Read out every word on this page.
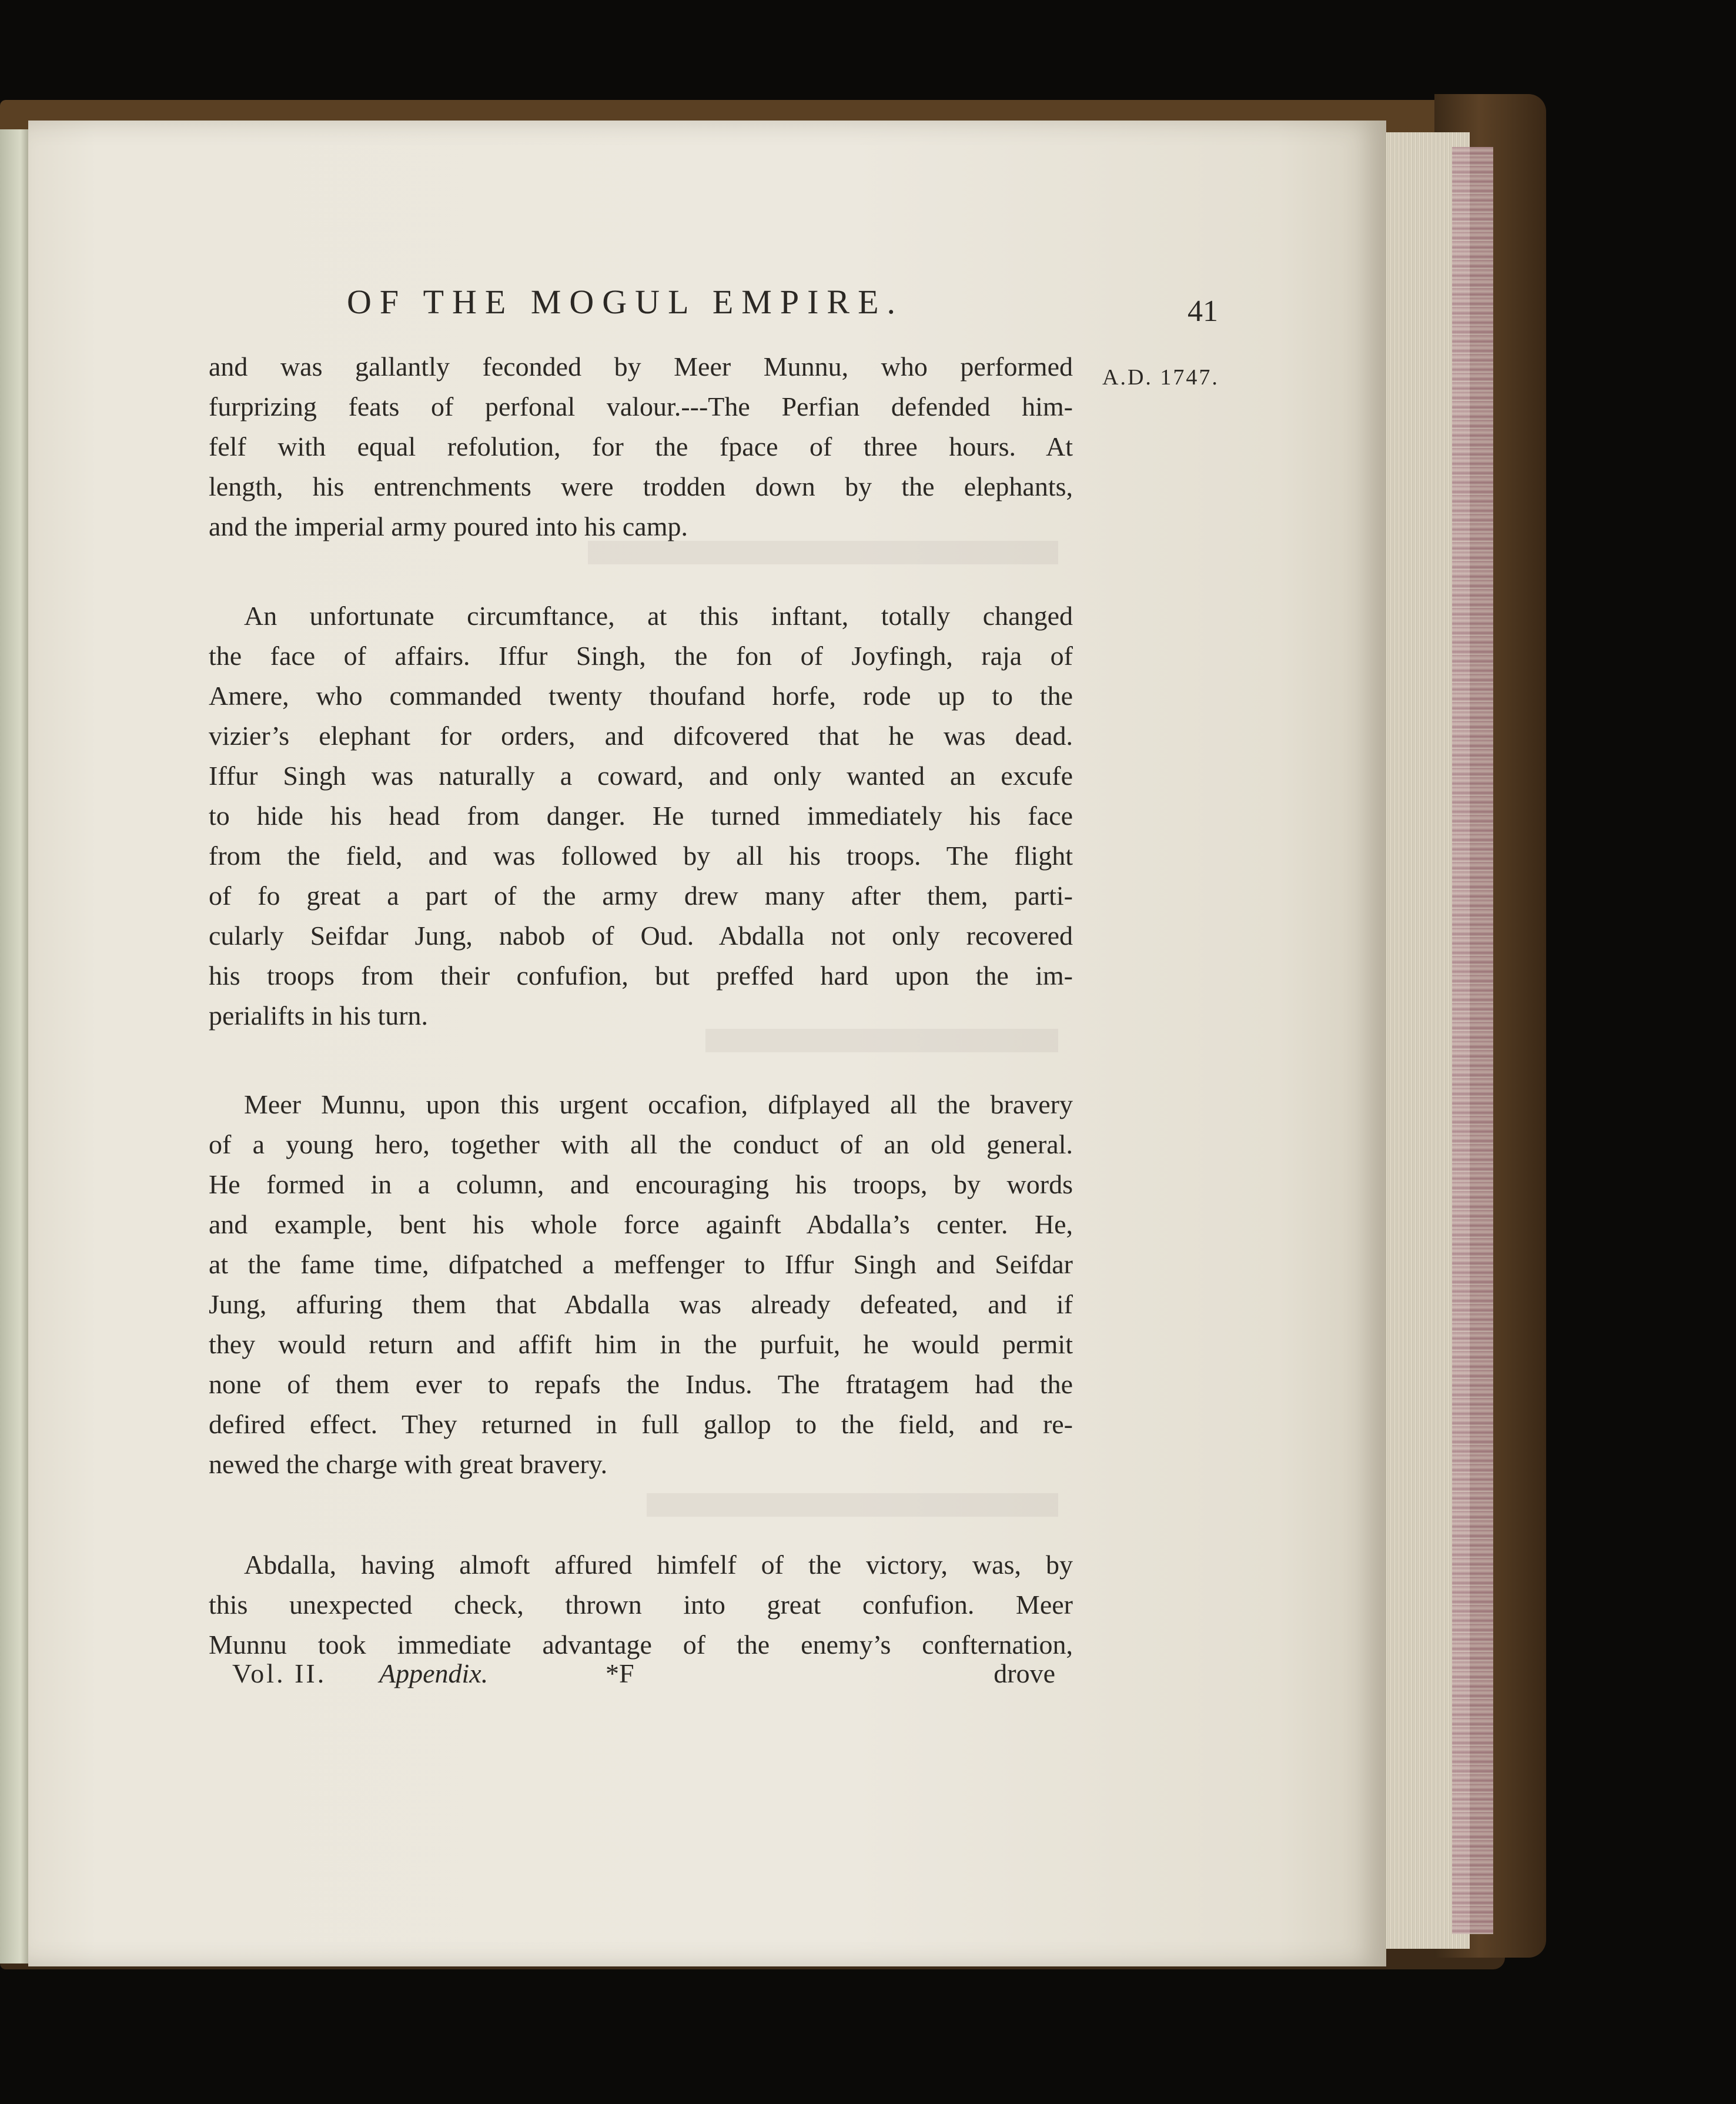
OF THE MOGUL EMPIRE.	41
A.D. 1747.
and was gallantly feconded by Meer Munnu, who performed
furprizing feats of perfonal valour.---The Perfian defended him-
felf with equal refolution, for the fpace of three hours. At
length, his entrenchments were trodden down by the elephants,
and the imperial army poured into his camp.
An unfortunate circumftance, at this inftant, totally changed
the face of affairs. Iffur Singh, the fon of Joyfingh, raja of
Amere, who commanded twenty thoufand horfe, rode up to the
vizier’s elephant for orders, and difcovered that he was dead.
Iffur Singh was naturally a coward, and only wanted an excufe
to hide his head from danger. He turned immediately his face
from the field, and was followed by all his troops. The flight
of fo great a part of the army drew many after them, parti-
cularly Seifdar Jung, nabob of Oud. Abdalla not only recovered
his troops from their confufion, but preffed hard upon the im-
perialifts in his turn.
Meer Munnu, upon this urgent occafion, difplayed all the bravery
of a young hero, together with all the conduct of an old general.
He formed in a column, and encouraging his troops, by words
and example, bent his whole force againft Abdalla’s center. He,
at the fame time, difpatched a meffenger to Iffur Singh and Seifdar
Jung, affuring them that Abdalla was already defeated, and if
they would return and affift him in the purfuit, he would permit
none of them ever to repafs the Indus. The ftratagem had the
defired effect. They returned in full gallop to the field, and re-
newed the charge with great bravery.
Abdalla, having almoft affured himfelf of the victory, was, by
this unexpected check, thrown into great confufion. Meer
Munnu took immediate advantage of the enemy’s confternation,
Vol. II. Appendix.	*F	drove
